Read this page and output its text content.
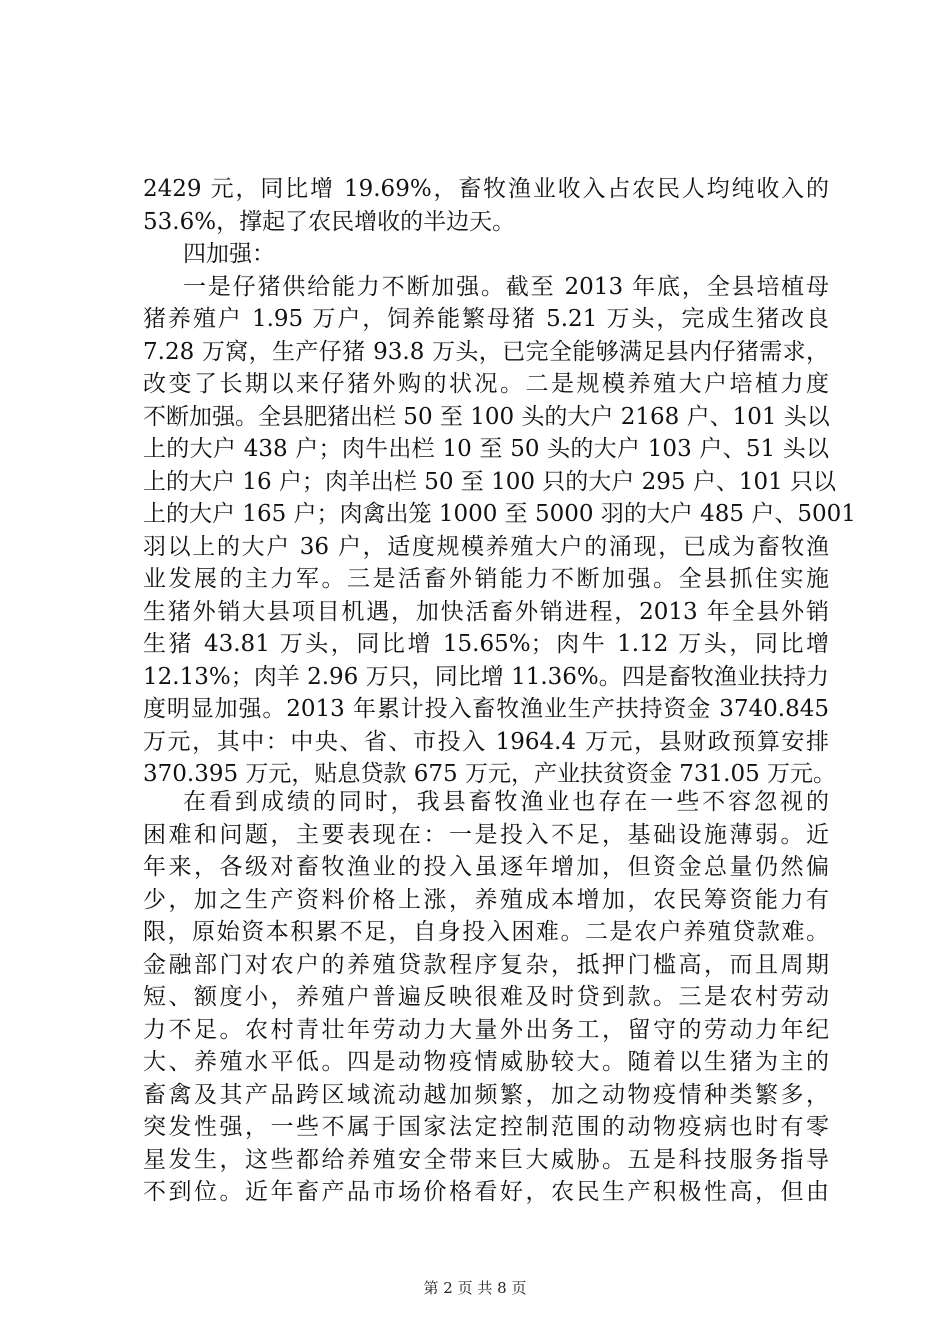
2429 元，同比增 19.69%，畜牧渔业收入占农民人均纯收入的
53.6%，撑起了农民增收的半边天。
四加强：
一是仔猪供给能力不断加强。截至 2013 年底，全县培植母
猪养殖户 1.95 万户，饲养能繁母猪 5.21 万头，完成生猪改良
7.28 万窝，生产仔猪 93.8 万头，已完全能够满足县内仔猪需求，
改变了长期以来仔猪外购的状况。二是规模养殖大户培植力度
不断加强。全县肥猪出栏 50 至 100 头的大户 2168 户、101 头以
上的大户 438 户；肉牛出栏 10 至 50 头的大户 103 户、51 头以
上的大户 16 户；肉羊出栏 50 至 100 只的大户 295 户、101 只以
上的大户 165 户；肉禽出笼 1000 至 5000 羽的大户 485 户、5001
羽以上的大户 36 户，适度规模养殖大户的涌现，已成为畜牧渔
业发展的主力军。三是活畜外销能力不断加强。全县抓住实施
生猪外销大县项目机遇，加快活畜外销进程，2013 年全县外销
生猪 43.81 万头，同比增 15.65%；肉牛 1.12 万头，同比增
12.13%；肉羊 2.96 万只，同比增 11.36%。四是畜牧渔业扶持力
度明显加强。2013 年累计投入畜牧渔业生产扶持资金 3740.845
万元，其中：中央、省、市投入 1964.4 万元，县财政预算安排
370.395 万元，贴息贷款 675 万元，产业扶贫资金 731.05 万元。
在看到成绩的同时，我县畜牧渔业也存在一些不容忽视的
困难和问题，主要表现在：一是投入不足，基础设施薄弱。近
年来，各级对畜牧渔业的投入虽逐年增加，但资金总量仍然偏
少，加之生产资料价格上涨，养殖成本增加，农民筹资能力有
限，原始资本积累不足，自身投入困难。二是农户养殖贷款难。
金融部门对农户的养殖贷款程序复杂，抵押门槛高，而且周期
短、额度小，养殖户普遍反映很难及时贷到款。三是农村劳动
力不足。农村青壮年劳动力大量外出务工，留守的劳动力年纪
大、养殖水平低。四是动物疫情威胁较大。随着以生猪为主的
畜禽及其产品跨区域流动越加频繁，加之动物疫情种类繁多，
突发性强，一些不属于国家法定控制范围的动物疫病也时有零
星发生，这些都给养殖安全带来巨大威胁。五是科技服务指导
不到位。近年畜产品市场价格看好，农民生产积极性高，但由
第 2 页 共 8 页
